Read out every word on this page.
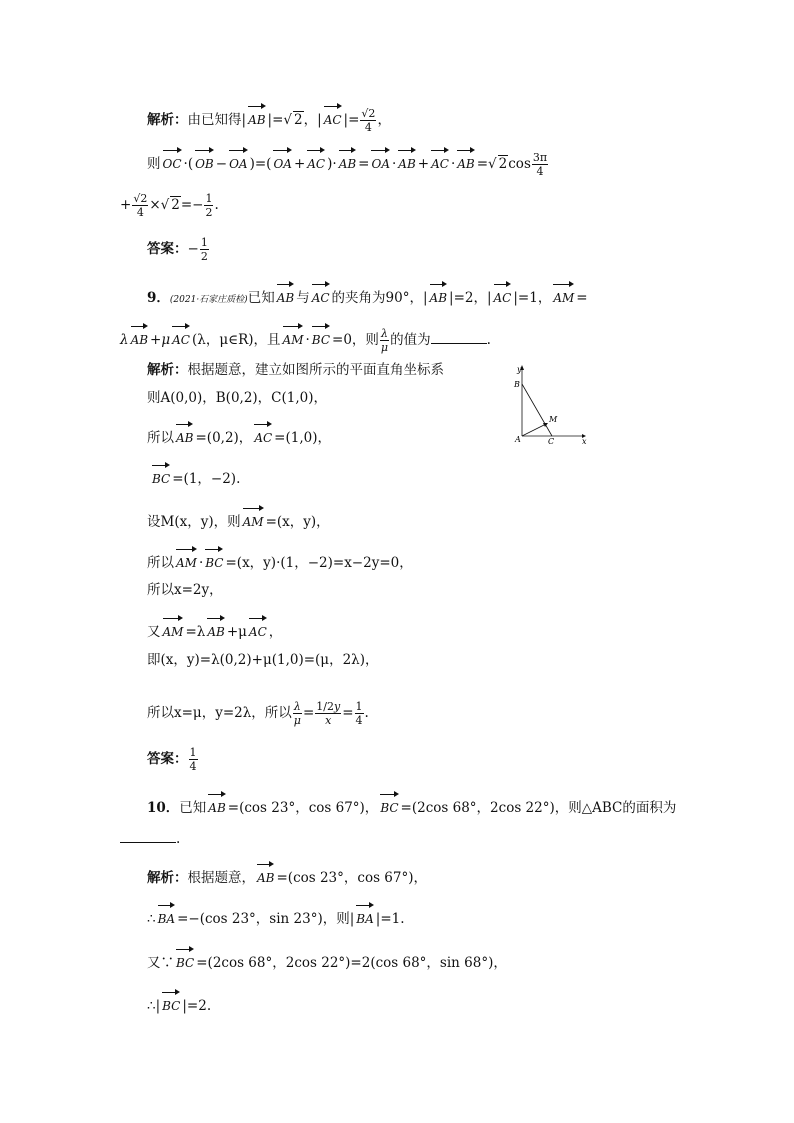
解析：由已知得| AB |=√ 2，| AC |= $\frac{√2}{4}$ ，
则 OC ·( OB − OA )=( OA + AC )· AB = OA · AB + AC · AB =√ $2\cos \frac{3\pi}{4}$
+ $\frac{√2}{4}$ ×√ $2=- \frac{1}{2}$ .
答案：− $\frac{1}{2}$
9．(2021·石家庄质检)已知 AB 与 AC 的夹角为90°，| AB |=2，| AC |=1， AM =
λ AB +μ AC (λ，μ∈R)，且 AM · BC =0，则 $\frac{\lambda}{\mu}$ 的值为	.
解析：根据题意，建立如图所示的平面直角坐标系
则A(0,0)，B(0,2)，C(1,0)，
所以 AB =(0,2)， AC =(1,0)，
BC =(1，−2).
设M(x，y)，则 AM =(x，y)，
所以 AM · BC =(x，y)·(1，−2)=x−2y=0，
所以x=2y，
又 AM =λ AB +μ AC ，
即(x，y)=λ(0,2)+μ(1,0)=(μ，2λ)，
所以x=μ，y=2λ，所以 $\frac{\lambda}{\mu} = \frac{1/2y}{x} = \frac{1}{4}$ .
答案： $\frac{1}{4}$
y
x
B
M
A	C
10．已知 AB =(cos 23°，cos 67°)， BC =(2cos 68°，2cos 22°)，则△ABC的面积为
.
解析：根据题意， AB =(cos 23°，cos 67°)，
∴ BA =−(cos 23°，sin 23°)，则| BA |=1.
又∵ BC =(2cos 68°，2cos 22°)=2(cos 68°，sin 68°)，
∴| BC |=2.
